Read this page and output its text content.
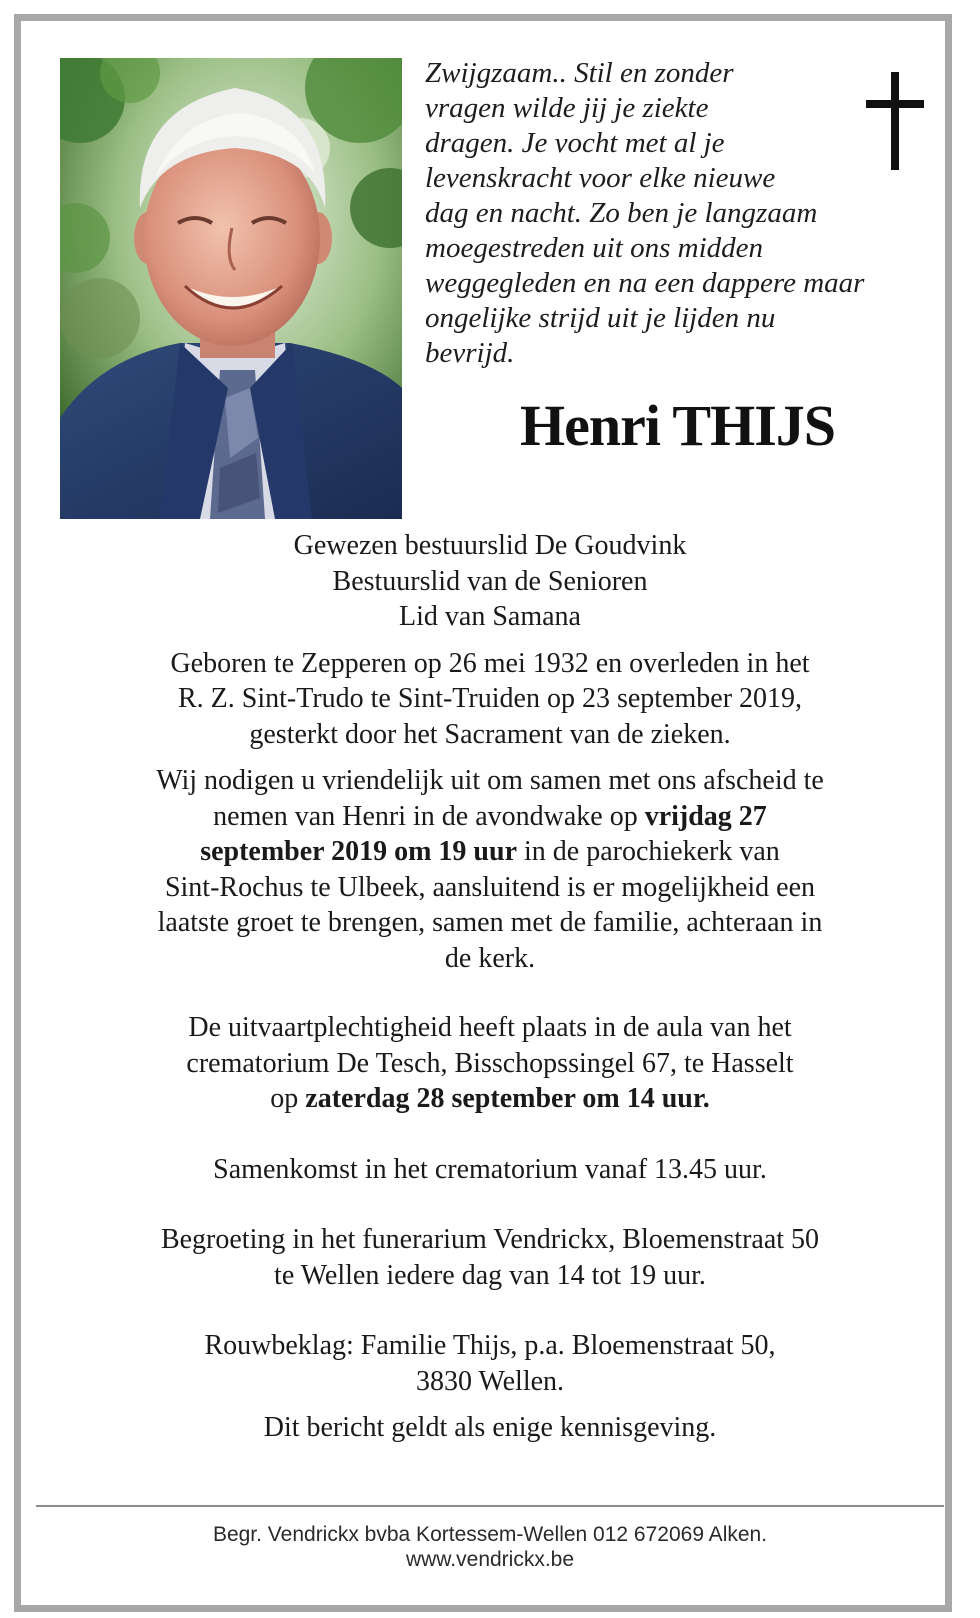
Zwijgzaam.. Stil en zonder
vragen wilde jij je ziekte
dragen. Je vocht met al je
levenskracht voor elke nieuwe
dag en nacht. Zo ben je langzaam
moegestreden uit ons midden
weggegleden en na een dappere maar
ongelijke strijd uit je lijden nu
bevrijd.
Henri THIJS

Gewezen bestuurslid De Goudvink
Bestuurslid van de Senioren
Lid van Samana

Geboren te Zepperen op 26 mei 1932 en overleden in het
R. Z. Sint-Trudo te Sint-Truiden op 23 september 2019,
gesterkt door het Sacrament van de zieken.

Wij nodigen u vriendelijk uit om samen met ons afscheid te
nemen van Henri in de avondwake op vrijdag 27
september 2019 om 19 uur in de parochiekerk van
Sint-Rochus te Ulbeek, aansluitend is er mogelijkheid een
laatste groet te brengen, samen met de familie, achteraan in
de kerk.

De uitvaartplechtigheid heeft plaats in de aula van het
crematorium De Tesch, Bisschopssingel 67, te Hasselt
op zaterdag 28 september om 14 uur.

Samenkomst in het crematorium vanaf 13.45 uur.

Begroeting in het funerarium Vendrickx, Bloemenstraat 50
te Wellen iedere dag van 14 tot 19 uur.

Rouwbeklag: Familie Thijs, p.a. Bloemenstraat 50,
3830 Wellen.

Dit bericht geldt als enige kennisgeving.

Begr. Vendrickx bvba Kortessem-Wellen 012 672069 Alken.
www.vendrickx.be
